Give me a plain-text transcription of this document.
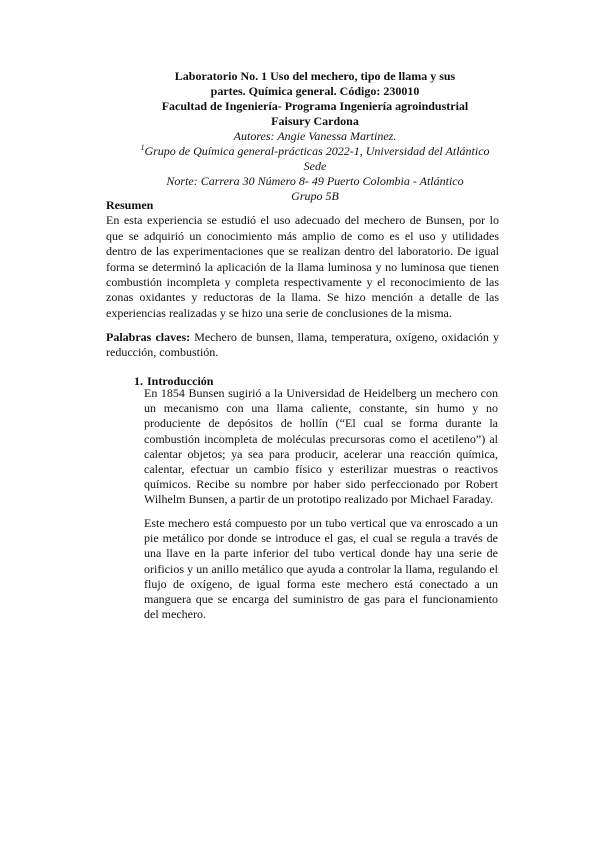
Laboratorio No. 1 Uso del mechero, tipo de llama y sus
partes. Química general. Código: 230010
Facultad de Ingeniería- Programa Ingeniería agroindustrial
Faisury Cardona
Autores: Angie Vanessa Martinez.
$^1$Grupo de Química general-prácticas 2022-1, Universidad del Atlántico Sede
Norte: Carrera 30 Número 8- 49 Puerto Colombia - Atlántico
Grupo 5B
Resumen
En esta experiencia se estudió el uso adecuado del mechero de Bunsen, por lo que se adquirió un conocimiento más amplio de como es el uso y utilidades dentro de las experimentaciones que se realizan dentro del laboratorio. De igual forma se determinó la aplicación de la llama luminosa y no luminosa que tienen combustión incompleta y completa respectivamente y el reconocimiento de las zonas oxidantes y reductoras de la llama. Se hizo mención a detalle de las experiencias realizadas y se hizo una serie de conclusiones de la misma.
Palabras claves: Mechero de bunsen, llama, temperatura, oxígeno, oxidación y reducción, combustión.
1. Introducción
En 1854 Bunsen sugirió a la Universidad de Heidelberg un mechero con un mecanismo con una llama caliente, constante, sin humo y no produciente de depósitos de hollín (“El cual se forma durante la combustión incompleta de moléculas precursoras como el acetileno”) al calentar objetos; ya sea para producir, acelerar una reacción química, calentar, efectuar un cambio físico y esterilizar muestras o reactivos químicos. Recibe su nombre por haber sido perfeccionado por Robert Wilhelm Bunsen, a partir de un prototipo realizado por Michael Faraday.
Este mechero está compuesto por un tubo vertical que va enroscado a un pie metálico por donde se introduce el gas, el cual se regula a través de una llave en la parte inferior del tubo vertical donde hay una serie de orificios y un anillo metálico que ayuda a controlar la llama, regulando el flujo de oxígeno, de igual forma este mechero está conectado a un manguera que se encarga del suministro de gas para el funcionamiento del mechero.
